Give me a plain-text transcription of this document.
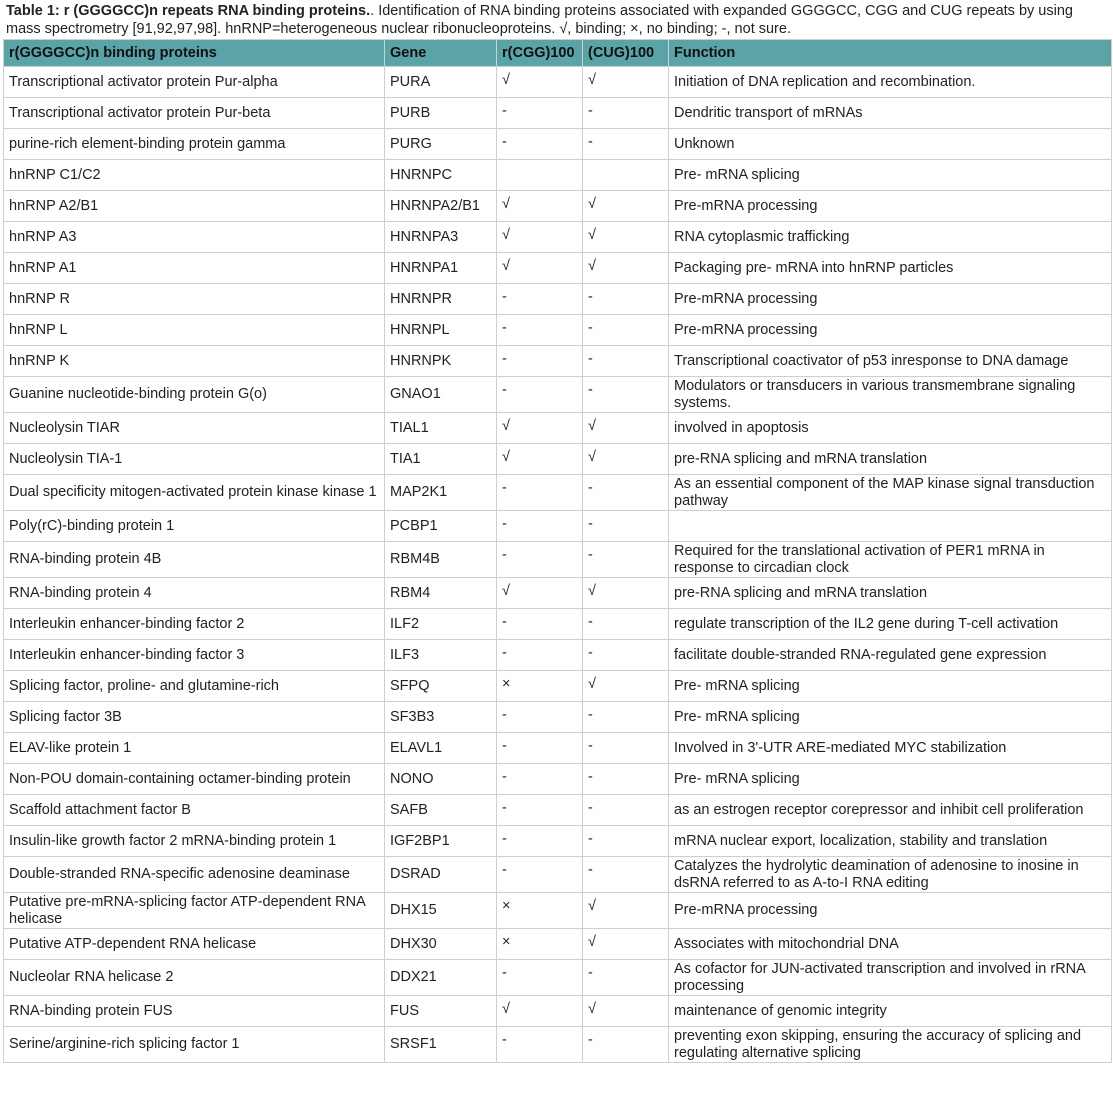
Table 1: r (GGGGCC)n repeats RNA binding proteins.. Identification of RNA binding proteins associated with expanded GGGGCC, CGG and CUG repeats by using mass spectrometry [91,92,97,98]. hnRNP=heterogeneous nuclear ribonucleoproteins. √, binding; ×, no binding; -, not sure.
r(GGGGCC)n binding proteins	Gene	r(CGG)100	(CUG)100	Function
Transcriptional activator protein Pur-alpha	PURA	√	√	Initiation of DNA replication and recombination.
Transcriptional activator protein Pur-beta	PURB	-	-	Dendritic transport of mRNAs
purine-rich element-binding protein gamma	PURG	-	-	Unknown
hnRNP C1/C2	HNRNPC			Pre- mRNA splicing
hnRNP A2/B1	HNRNPA2/B1	√	√	Pre-mRNA processing
hnRNP A3	HNRNPA3	√	√	RNA cytoplasmic trafficking
hnRNP A1	HNRNPA1	√	√	Packaging pre- mRNA into hnRNP particles
hnRNP R	HNRNPR	-	-	Pre-mRNA processing
hnRNP L	HNRNPL	-	-	Pre-mRNA processing
hnRNP K	HNRNPK	-	-	Transcriptional coactivator of p53 inresponse to DNA damage
Guanine nucleotide-binding protein G(o)	GNAO1	-	-	Modulators or transducers in various transmembrane signaling systems.
Nucleolysin TIAR	TIAL1	√	√	involved in apoptosis
Nucleolysin TIA-1	TIA1	√	√	pre-RNA splicing and mRNA translation
Dual specificity mitogen-activated protein kinase kinase 1	MAP2K1	-	-	As an essential component of the MAP kinase signal transduction pathway
Poly(rC)-binding protein 1	PCBP1	-	-	
RNA-binding protein 4B	RBM4B	-	-	Required for the translational activation of PER1 mRNA in response to circadian clock
RNA-binding protein 4	RBM4	√	√	pre-RNA splicing and mRNA translation
Interleukin enhancer-binding factor 2	ILF2	-	-	regulate transcription of the IL2 gene during T-cell activation
Interleukin enhancer-binding factor 3	ILF3	-	-	facilitate double-stranded RNA-regulated gene expression
Splicing factor, proline- and glutamine-rich	SFPQ	×	√	Pre- mRNA splicing
Splicing factor 3B	SF3B3	-	-	Pre- mRNA splicing
ELAV-like protein 1	ELAVL1	-	-	Involved in 3'-UTR ARE-mediated MYC stabilization
Non-POU domain-containing octamer-binding protein	NONO	-	-	Pre- mRNA splicing
Scaffold attachment factor B	SAFB	-	-	as an estrogen receptor corepressor and inhibit cell proliferation
Insulin-like growth factor 2 mRNA-binding protein 1	IGF2BP1	-	-	mRNA nuclear export, localization, stability and translation
Double-stranded RNA-specific adenosine deaminase	DSRAD	-	-	Catalyzes the hydrolytic deamination of adenosine to inosine in dsRNA referred to as A-to-I RNA editing
Putative pre-mRNA-splicing factor ATP-dependent RNA helicase	DHX15	×	√	Pre-mRNA processing
Putative ATP-dependent RNA helicase	DHX30	×	√	Associates with mitochondrial DNA
Nucleolar RNA helicase 2	DDX21	-	-	As cofactor for JUN-activated transcription and involved in rRNA processing
RNA-binding protein FUS	FUS	√	√	maintenance of genomic integrity
Serine/arginine-rich splicing factor 1	SRSF1	-	-	preventing exon skipping, ensuring the accuracy of splicing and regulating alternative splicing
